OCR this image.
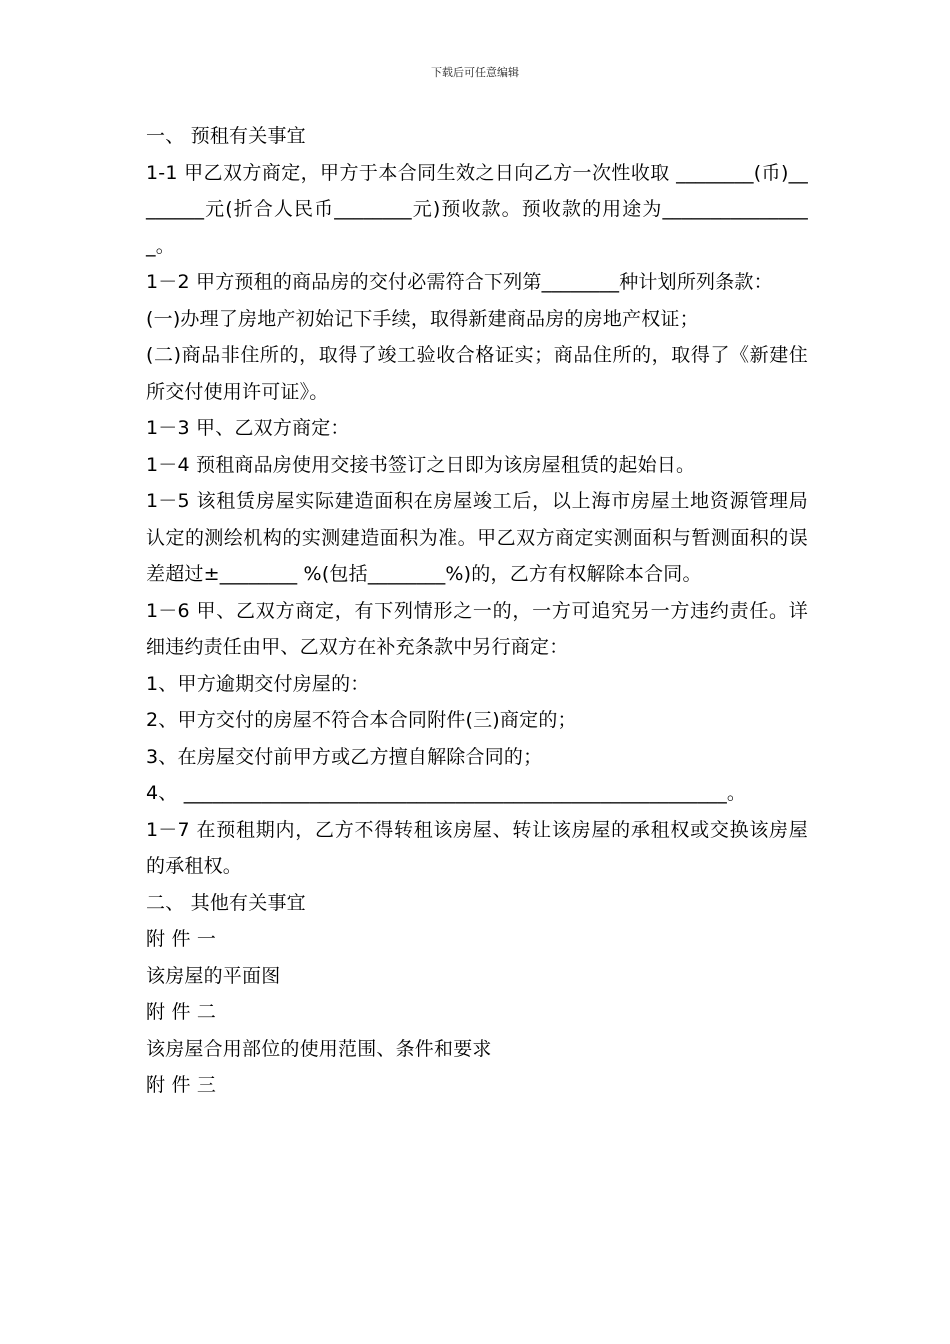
下载后可任意编辑

一、 预租有关事宜

1-1 甲乙双方商定，甲方于本合同生效之日向乙方一次性收取 ________(币)________元(折合人民币________元)预收款。预收款的用途为________________。

1－2 甲方预租的商品房的交付必需符合下列第________种计划所列条款：

(一)办理了房地产初始记下手续，取得新建商品房的房地产权证；

(二)商品非住所的，取得了竣工验收合格证实；商品住所的，取得了《新建住所交付使用许可证》。

1－3 甲、乙双方商定：

1－4 预租商品房使用交接书签订之日即为该房屋租赁的起始日。

1－5 该租赁房屋实际建造面积在房屋竣工后，以上海市房屋土地资源管理局认定的测绘机构的实测建造面积为准。甲乙双方商定实测面积与暂测面积的误差超过±________ %(包括________%)的，乙方有权解除本合同。

1－6 甲、乙双方商定，有下列情形之一的，一方可追究另一方违约责任。详细违约责任由甲、乙双方在补充条款中另行商定：

1、甲方逾期交付房屋的：

2、甲方交付的房屋不符合本合同附件(三)商定的；

3、在房屋交付前甲方或乙方擅自解除合同的；

4、 ________________________________________________________。

1－7 在预租期内，乙方不得转租该房屋、转让该房屋的承租权或交换该房屋的承租权。

二、 其他有关事宜

附 件 一

该房屋的平面图

附 件 二

该房屋合用部位的使用范围、条件和要求

附 件 三
